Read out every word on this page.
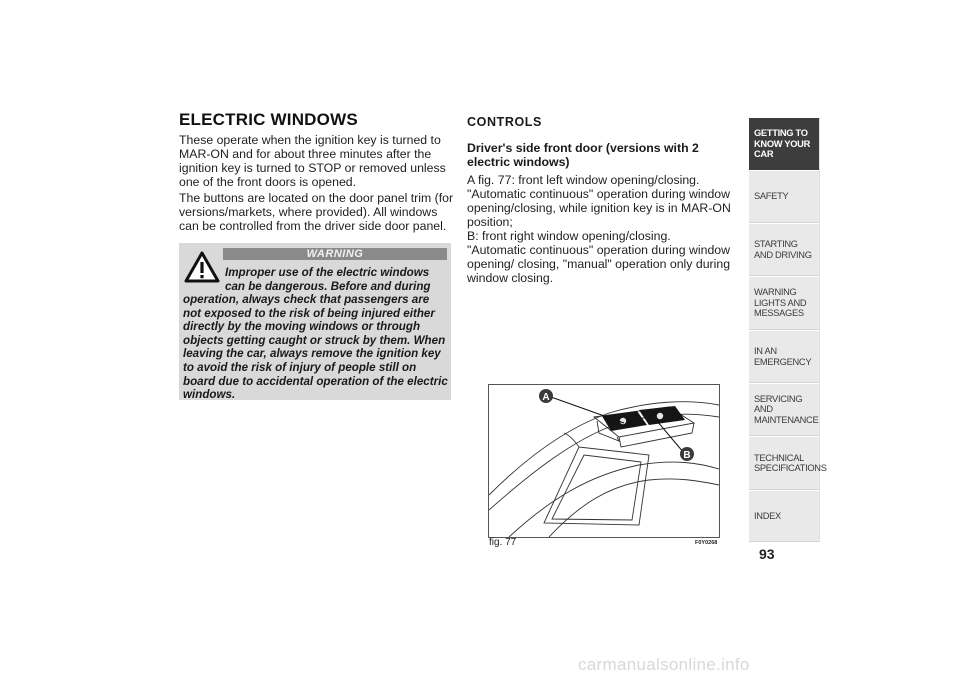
ELECTRIC WINDOWS
These operate when the ignition key is turned to MAR-ON and for about three minutes after the ignition key is turned to STOP or removed unless one of the front doors is opened.
The buttons are located on the door panel trim (for versions/markets, where provided). All windows can be controlled from the driver side door panel.
WARNING
Improper use of the electric windows can be dangerous. Before and during
operation, always check that passengers are not exposed to the risk of being injured either directly by the moving windows or through objects getting caught or struck by them. When leaving the car, always remove the ignition key to avoid the risk of injury of people still on board due to accidental operation of the electric windows.
CONTROLS
Driver's side front door (versions with 2 electric windows)
A fig. 77: front left window opening/closing. "Automatic continuous" operation during window opening/closing, while ignition key is in MAR-ON position;
B: front right window opening/closing. "Automatic continuous" operation during window opening/ closing, "manual" operation only during window closing.
A
B
fig. 77	F0Y0268
GETTING TO KNOW YOUR CAR
SAFETY
STARTING AND DRIVING
WARNING LIGHTS AND MESSAGES
IN AN EMERGENCY
SERVICING AND MAINTENANCE
TECHNICAL SPECIFICATIONS
INDEX
93
carmanualsonline.info
